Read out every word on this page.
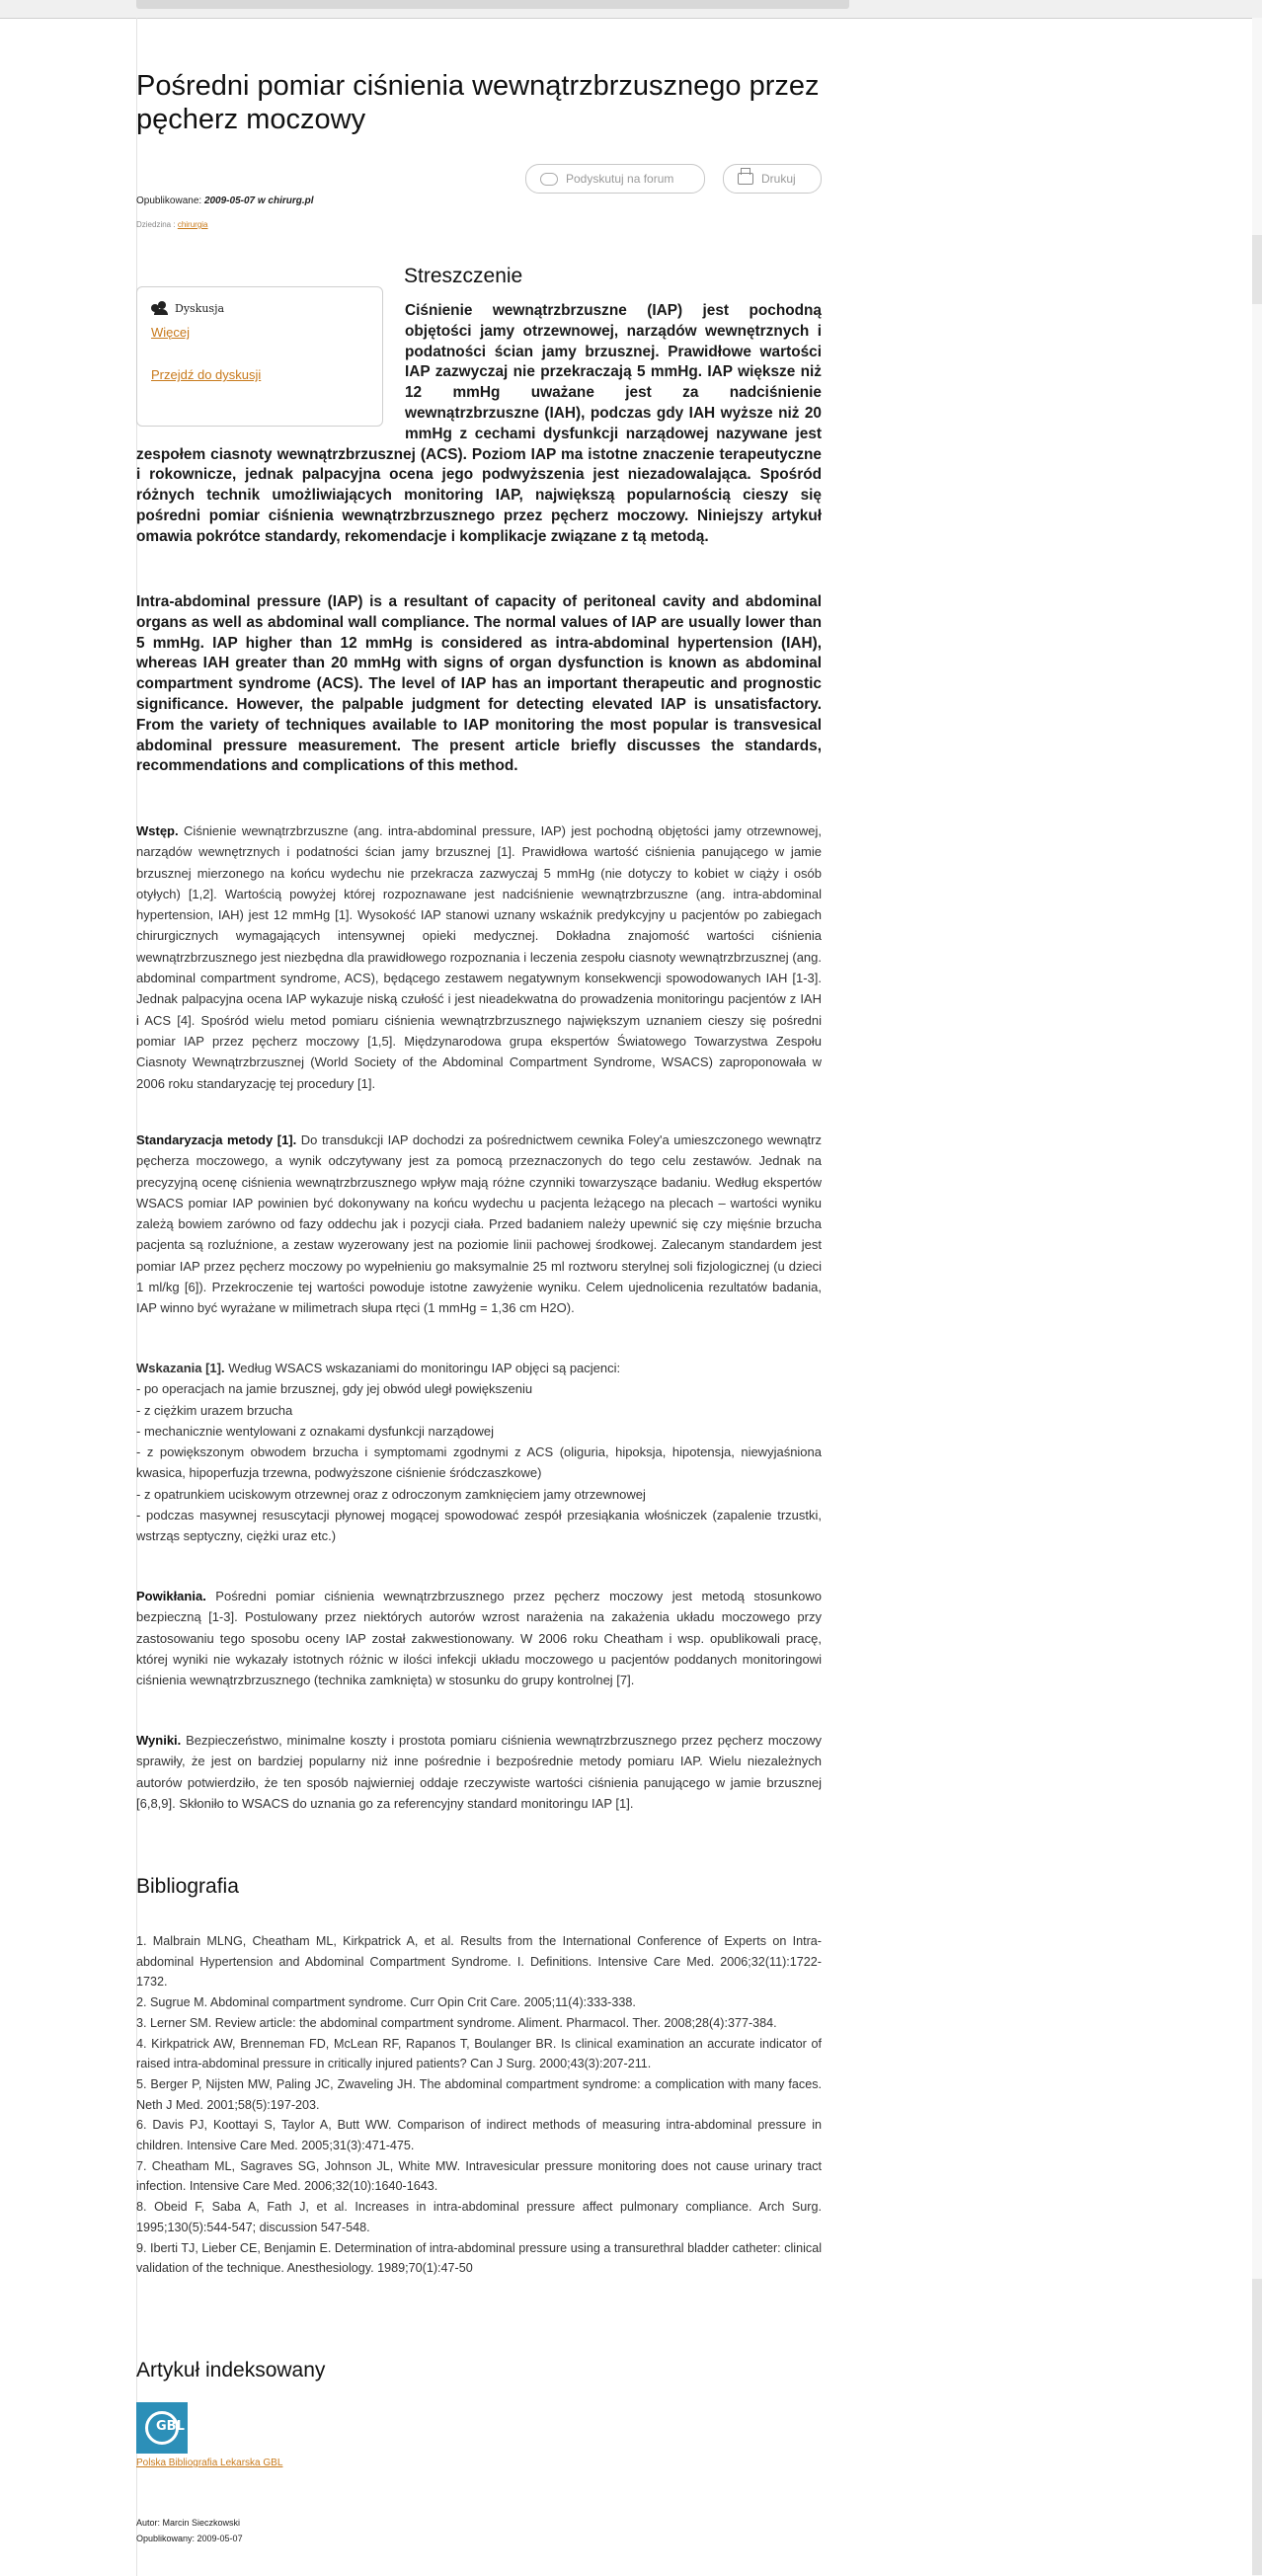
Pośredni pomiar ciśnienia wewnątrzbrzusznego przez pęcherz moczowy
Podyskutuj na forum	Drukuj
Opublikowane: 2009-05-07 w chirurg.pl
Dziedzina : chirurgia
Dyskusja
Więcej
Przejdź do dyskusji
Streszczenie

Ciśnienie wewnątrzbrzuszne (IAP) jest pochodną objętości jamy otrzewnowej, narządów wewnętrznych i podatności ścian jamy brzusznej. Prawidłowe wartości IAP zazwyczaj nie przekraczają 5 mmHg. IAP większe niż 12 mmHg uważane jest za nadciśnienie wewnątrzbrzuszne (IAH), podczas gdy IAH wyższe niż 20 mmHg z cechami dysfunkcji narządowej nazywane jest zespołem ciasnoty wewnątrzbrzusznej (ACS). Poziom IAP ma istotne znaczenie terapeutyczne i rokownicze, jednak palpacyjna ocena jego podwyższenia jest niezadowalająca. Spośród różnych technik umożliwiających monitoring IAP, największą popularnością cieszy się pośredni pomiar ciśnienia wewnątrzbrzusznego przez pęcherz moczowy. Niniejszy artykuł omawia pokrótce standardy, rekomendacje i komplikacje związane z tą metodą.

Intra-abdominal pressure (IAP) is a resultant of capacity of peritoneal cavity and abdominal organs as well as abdominal wall compliance. The normal values of IAP are usually lower than 5 mmHg. IAP higher than 12 mmHg is considered as intra-abdominal hypertension (IAH), whereas IAH greater than 20 mmHg with signs of organ dysfunction is known as abdominal compartment syndrome (ACS). The level of IAP has an important therapeutic and prognostic significance. However, the palpable judgment for detecting elevated IAP is unsatisfactory. From the variety of techniques available to IAP monitoring the most popular is transvesical abdominal pressure measurement. The present article briefly discusses the standards, recommendations and complications of this method.

Wstęp. Ciśnienie wewnątrzbrzuszne (ang. intra-abdominal pressure, IAP) jest pochodną objętości jamy otrzewnowej, narządów wewnętrznych i podatności ścian jamy brzusznej [1]. Prawidłowa wartość ciśnienia panującego w jamie brzusznej mierzonego na końcu wydechu nie przekracza zazwyczaj 5 mmHg (nie dotyczy to kobiet w ciąży i osób otyłych) [1,2]. Wartością powyżej której rozpoznawane jest nadciśnienie wewnątrzbrzuszne (ang. intra-abdominal hypertension, IAH) jest 12 mmHg [1]. Wysokość IAP stanowi uznany wskaźnik predykcyjny u pacjentów po zabiegach chirurgicznych wymagających intensywnej opieki medycznej. Dokładna znajomość wartości ciśnienia wewnątrzbrzusznego jest niezbędna dla prawidłowego rozpoznania i leczenia zespołu ciasnoty wewnątrzbrzusznej (ang. abdominal compartment syndrome, ACS), będącego zestawem negatywnym konsekwencji spowodowanych IAH [1-3]. Jednak palpacyjna ocena IAP wykazuje niską czułość i jest nieadekwatna do prowadzenia monitoringu pacjentów z IAH i ACS [4]. Spośród wielu metod pomiaru ciśnienia wewnątrzbrzusznego największym uznaniem cieszy się pośredni pomiar IAP przez pęcherz moczowy [1,5]. Międzynarodowa grupa ekspertów Światowego Towarzystwa Zespołu Ciasnoty Wewnątrzbrzusznej (World Society of the Abdominal Compartment Syndrome, WSACS) zaproponowała w 2006 roku standaryzację tej procedury [1].

Standaryzacja metody [1]. Do transdukcji IAP dochodzi za pośrednictwem cewnika Foley'a umieszczonego wewnątrz pęcherza moczowego, a wynik odczytywany jest za pomocą przeznaczonych do tego celu zestawów. Jednak na precyzyjną ocenę ciśnienia wewnątrzbrzusznego wpływ mają różne czynniki towarzyszące badaniu. Według ekspertów WSACS pomiar IAP powinien być dokonywany na końcu wydechu u pacjenta leżącego na plecach – wartości wyniku zależą bowiem zarówno od fazy oddechu jak i pozycji ciała. Przed badaniem należy upewnić się czy mięśnie brzucha pacjenta są rozluźnione, a zestaw wyzerowany jest na poziomie linii pachowej środkowej. Zalecanym standardem jest pomiar IAP przez pęcherz moczowy po wypełnieniu go maksymalnie 25 ml roztworu sterylnej soli fizjologicznej (u dzieci 1 ml/kg [6]). Przekroczenie tej wartości powoduje istotne zawyżenie wyniku. Celem ujednolicenia rezultatów badania, IAP winno być wyrażane w milimetrach słupa rtęci (1 mmHg = 1,36 cm H2O).

Wskazania [1]. Według WSACS wskazaniami do monitoringu IAP objęci są pacjenci:
- po operacjach na jamie brzusznej, gdy jej obwód uległ powiększeniu
- z ciężkim urazem brzucha
- mechanicznie wentylowani z oznakami dysfunkcji narządowej
- z powiększonym obwodem brzucha i symptomami zgodnymi z ACS (oliguria, hipoksja, hipotensja, niewyjaśniona kwasica, hipoperfuzja trzewna, podwyższone ciśnienie śródczaszkowe)
- z opatrunkiem uciskowym otrzewnej oraz z odroczonym zamknięciem jamy otrzewnowej
- podczas masywnej resuscytacji płynowej mogącej spowodować zespół przesiąkania włośniczek (zapalenie trzustki, wstrząs septyczny, ciężki uraz etc.)

Powikłania. Pośredni pomiar ciśnienia wewnątrzbrzusznego przez pęcherz moczowy jest metodą stosunkowo bezpieczną [1-3]. Postulowany przez niektórych autorów wzrost narażenia na zakażenia układu moczowego przy zastosowaniu tego sposobu oceny IAP został zakwestionowany. W 2006 roku Cheatham i wsp. opublikowali pracę, której wyniki nie wykazały istotnych różnic w ilości infekcji układu moczowego u pacjentów poddanych monitoringowi ciśnienia wewnątrzbrzusznego (technika zamknięta) w stosunku do grupy kontrolnej [7].

Wyniki. Bezpieczeństwo, minimalne koszty i prostota pomiaru ciśnienia wewnątrzbrzusznego przez pęcherz moczowy sprawiły, że jest on bardziej popularny niż inne pośrednie i bezpośrednie metody pomiaru IAP. Wielu niezależnych autorów potwierdziło, że ten sposób najwierniej oddaje rzeczywiste wartości ciśnienia panującego w jamie brzusznej [6,8,9]. Skłoniło to WSACS do uznania go za referencyjny standard monitoringu IAP [1].

Bibliografia
1. Malbrain MLNG, Cheatham ML, Kirkpatrick A, et al. Results from the International Conference of Experts on Intra-abdominal Hypertension and Abdominal Compartment Syndrome. I. Definitions. Intensive Care Med. 2006;32(11):1722-1732.
2. Sugrue M. Abdominal compartment syndrome. Curr Opin Crit Care. 2005;11(4):333-338.
3. Lerner SM. Review article: the abdominal compartment syndrome. Aliment. Pharmacol. Ther. 2008;28(4):377-384.
4. Kirkpatrick AW, Brenneman FD, McLean RF, Rapanos T, Boulanger BR. Is clinical examination an accurate indicator of raised intra-abdominal pressure in critically injured patients? Can J Surg. 2000;43(3):207-211.
5. Berger P, Nijsten MW, Paling JC, Zwaveling JH. The abdominal compartment syndrome: a complication with many faces. Neth J Med. 2001;58(5):197-203.
6. Davis PJ, Koottayi S, Taylor A, Butt WW. Comparison of indirect methods of measuring intra-abdominal pressure in children. Intensive Care Med. 2005;31(3):471-475.
7. Cheatham ML, Sagraves SG, Johnson JL, White MW. Intravesicular pressure monitoring does not cause urinary tract infection. Intensive Care Med. 2006;32(10):1640-1643.
8. Obeid F, Saba A, Fath J, et al. Increases in intra-abdominal pressure affect pulmonary compliance. Arch Surg. 1995;130(5):544-547; discussion 547-548.
9. Iberti TJ, Lieber CE, Benjamin E. Determination of intra-abdominal pressure using a transurethral bladder catheter: clinical validation of the technique. Anesthesiology. 1989;70(1):47-50
Artykuł indeksowany
GBL
Polska Bibliografia Lekarska GBL
Autor: Marcin Sieczkowski
Opublikowany: 2009-05-07
